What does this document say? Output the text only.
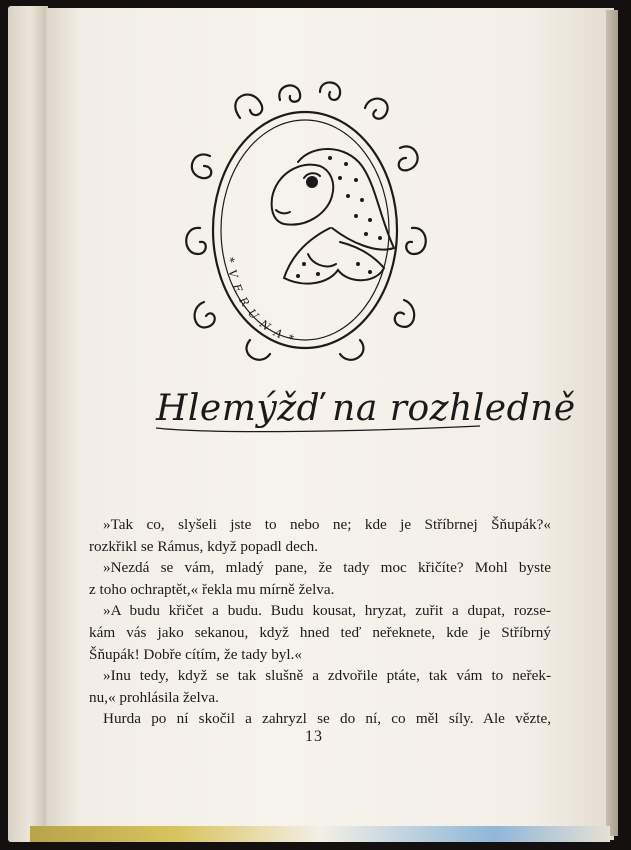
* V E R U N A *
Hlemýžď na rozhledně
»Tak co, slyšeli jste to nebo ne; kde je Stříbrnej Šňupák?«
rozkřikl se Rámus, když popadl dech.
»Nezdá se vám, mladý pane, že tady moc křičíte? Mohl byste
z toho ochraptět,« řekla mu mírně želva.
»A budu křičet a budu. Budu kousat, hryzat, zuřit a dupat, rozse-
kám vás jako sekanou, když hned teď neřeknete, kde je Stříbrný
Šňupák! Dobře cítím, že tady byl.«
»Inu tedy, když se tak slušně a zdvořile ptáte, tak vám to neřek-
nu,« prohlásila želva.
Hurda po ní skočil a zahryzl se do ní, co měl síly. Ale vězte,
13
